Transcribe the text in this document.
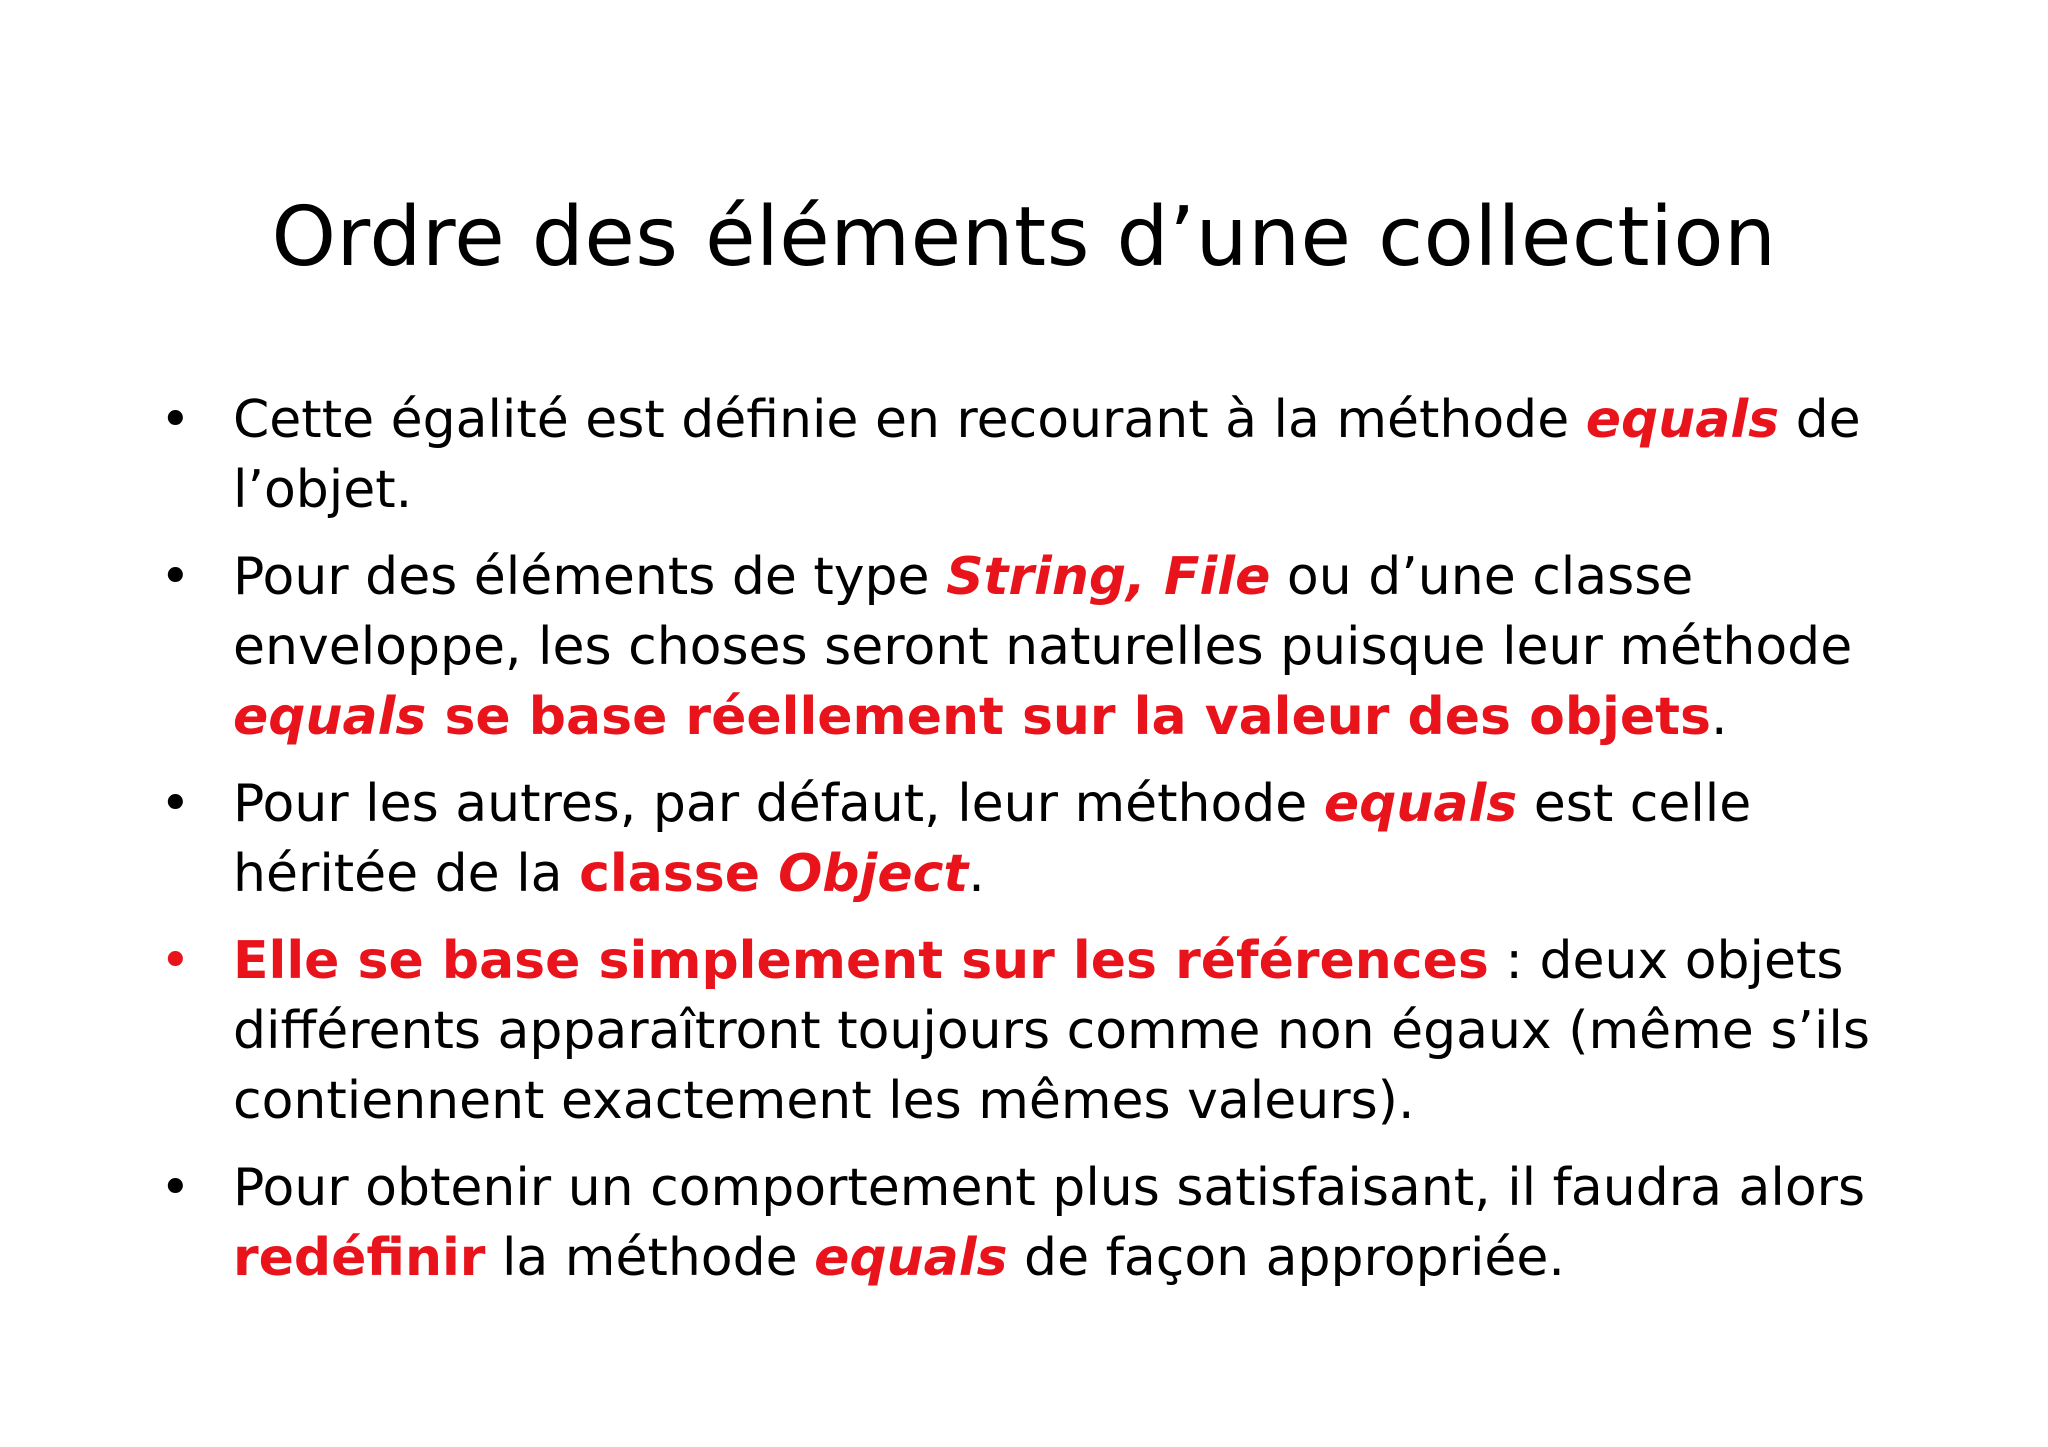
Ordre des éléments d’une collection
• Cette égalité est définie en recourant à la méthode equals de l’objet.
• Pour des éléments de type String, File ou d’une classe enveloppe, les choses seront naturelles puisque leur méthode equals se base réellement sur la valeur des objets.
• Pour les autres, par défaut, leur méthode equals est celle héritée de la classe Object.
• Elle se base simplement sur les références : deux objets différents apparaîtront toujours comme non égaux (même s’ils contiennent exactement les mêmes valeurs).
• Pour obtenir un comportement plus satisfaisant, il faudra alors redéfinir la méthode equals de façon appropriée.
